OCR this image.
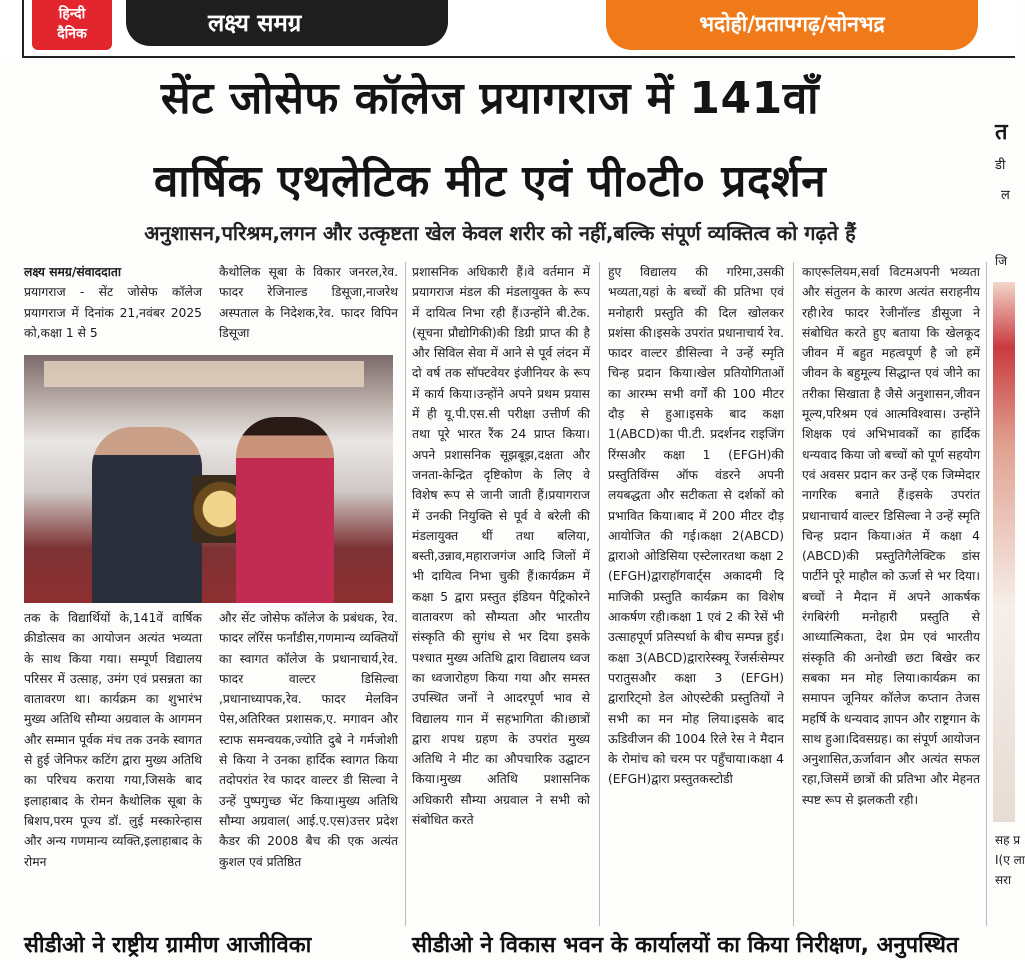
हिन्दी
दैनिक	लक्ष्य समग्र	भदोही/प्रतापगढ़/सोनभद्र
सेंट जोसेफ कॉलेज प्रयागराज में 141वाँ
वार्षिक एथलेटिक मीट एवं पी०टी० प्रदर्शन
अनुशासन,परिश्रम,लगन और उत्कृष्टता खेल केवल शरीर को नहीं,बल्कि संपूर्ण व्यक्तित्व को गढ़ते हैं

लक्ष्य समग्र/संवाददाता

प्रयागराज - सेंट जोसेफ कॉलेज प्रयागराज में दिनांक 21,नवंबर 2025 को,कक्षा 1 से 5

तक के विद्यार्थियों के,141वें वार्षिक क्रीडोत्सव का आयोजन अत्यंत भव्यता के साथ किया गया। सम्पूर्ण विद्यालय परिसर में उत्साह, उमंग एवं प्रसन्नता का वातावरण था। कार्यक्रम का शुभारंभ मुख्य अतिथि सौम्या अग्रवाल के आगमन और सम्मान पूर्वक मंच तक उनके स्वागत से हुई जेनिफर कटिंग द्वारा मुख्य अतिथि का परिचय कराया गया,जिसके बाद इलाहाबाद के रोमन कैथोलिक सूबा के बिशप,परम पूज्य डॉ. लुई मस्कारेन्हास और अन्य गणमान्य व्यक्ति,इलाहाबाद के रोमन

कैथोलिक सूबा के विकार जनरल,रेव. फादर रेजिनाल्ड डिसूजा,नाजरेथ अस्पताल के निदेशक,रेव. फादर विपिन डिसूजा

और सेंट जोसेफ कॉलेज के प्रबंधक, रेव. फादर लॉरेंस फर्नांडीस,गणमान्य व्यक्तियों का स्वागत कॉलेज के प्रधानाचार्य,रेव. फादर वाल्टर डिसिल्वा ,प्रधानाध्यापक,रेव. फादर मेलविन पेस,अतिरिक्त प्रशासक,ए. मगावन और स्टाफ समन्वयक,ज्योति दुबे ने गर्मजोशी से किया ने उनका हार्दिक स्वागत किया तदोपरांत रेव फादर वाल्टर डी सिल्वा ने उन्हें पुष्पगुच्छ भेंट किया।मुख्य अतिथि सौम्या अग्रवाल( आई.ए.एस)उत्तर प्रदेश कैडर की 2008 बैच की एक अत्यंत कुशल एवं प्रतिष्ठित
प्रशासनिक अधिकारी हैं।वे वर्तमान में प्रयागराज मंडल की मंडलायुक्त के रूप में दायित्व निभा रही हैं।उन्होंने बी.टेक.(सूचना प्रौद्योगिकी)की डिग्री प्राप्त की है और सिविल सेवा में आने से पूर्व लंदन में दो वर्ष तक सॉफ्टवेयर इंजीनियर के रूप में कार्य किया।उन्होंने अपने प्रथम प्रयास में ही यू.पी.एस.सी परीक्षा उत्तीर्ण की तथा पूरे भारत रैंक 24 प्राप्त किया।अपने प्रशासनिक सूझबूझ,दक्षता और जनता-केन्द्रित दृष्टिकोण के लिए वे विशेष रूप से जानी जाती हैं।प्रयागराज में उनकी नियुक्ति से पूर्व वे बरेली की मंडलायुक्त थीं तथा बलिया, बस्ती,उन्नाव,महाराजगंज आदि जिलों में भी दायित्व निभा चुकी हैं।कार्यक्रम में कक्षा 5 द्वारा प्रस्तुत इंडियन पैट्रिकोरने वातावरण को सौम्यता और भारतीय संस्कृति की सुगंध से भर दिया इसके पश्चात मुख्य अतिथि द्वारा विद्यालय ध्वज का ध्वजारोहण किया गया और समस्त उपस्थित जनों ने आदरपूर्ण भाव से विद्यालय गान में सहभागिता की।छात्रों द्वारा शपथ ग्रहण के उपरांत मुख्य अतिथि ने मीट का औपचारिक उद्घाटन किया।मुख्य अतिथि प्रशासनिक अधिकारी सौम्या अग्रवाल ने सभी को संबोधित करते
हुए विद्यालय की गरिमा,उसकी भव्यता,यहां के बच्चों की प्रतिभा एवं मनोहारी प्रस्तुति की दिल खोलकर प्रशंसा की।इसके उपरांत प्रधानाचार्य रेव. फादर वाल्टर डीसिल्वा ने उन्हें स्मृति चिन्ह प्रदान किया।खेल प्रतियोगिताओं का आरम्भ सभी वर्गों की 100 मीटर दौड़ से हुआ।इसके बाद कक्षा 1(ABCD)का पी.टी. प्रदर्शनद राइजिंग रिंग्सऔर कक्षा 1 (EFGH)की प्रस्तुतिविंग्स ऑफ वंडरने अपनी लयबद्धता और सटीकता से दर्शकों को प्रभावित किया।बाद में 200 मीटर दौड़ आयोजित की गई।कक्षा 2(ABCD) द्वाराओ ओडिसिया एस्टेलारतथा कक्षा 2 (EFGH)द्वाराहॉगवार्ट्स अकादमी दि माजिकी प्रस्तुति कार्यक्रम का विशेष आकर्षण रही।कक्षा 1 एवं 2 की रेसें भी उत्साहपूर्ण प्रतिस्पर्धा के बीच सम्पन्न हुई।कक्षा 3(ABCD)द्वारारेस्क्यू रेंजर्सःसेम्पर परातुसऔर कक्षा 3 (EFGH) द्वारारिट्मो डेल ओएस्टेकी प्रस्तुतियों ने सभी का मन मोह लिया।इसके बाद ऊडिवीजन की 1004 रिले रेस ने मैदान के रोमांच को चरम पर पहुँचाया।कक्षा 4 (EFGH)द्वारा प्रस्तुतकस्टोडी
काएरूलियम,सर्वा विटमअपनी भव्यता और संतुलन के कारण अत्यंत सराहनीय रही।रेव फादर रेजीनॉल्ड डीसूजा ने संबोधित करते हुए बताया कि खेलकूद जीवन में बहुत महत्वपूर्ण है जो हमें जीवन के बहुमूल्य सिद्धान्त एवं जीने का तरीका सिखाता है जैसे अनुशासन,जीवन मूल्य,परिश्रम एवं आत्मविश्वास। उन्होंने शिक्षक एवं अभिभावकों का हार्दिक धन्यवाद किया जो बच्चों को पूर्ण सहयोग एवं अवसर प्रदान कर उन्हें एक जिम्मेदार नागरिक बनाते हैं।इसके उपरांत प्रधानाचार्य वाल्टर डिसिल्वा ने उन्हें स्मृति चिन्ह प्रदान किया।अंत में कक्षा 4 (ABCD)की प्रस्तुतिगैलेक्टिक डांस पार्टीने पूरे माहौल को ऊर्जा से भर दिया।बच्चों ने मैदान में अपने आकर्षक रंगबिरंगी मनोहारी प्रस्तुति से आध्यात्मिकता, देश प्रेम एवं भारतीय संस्कृति की अनोखी छटा बिखेर कर सबका मन मोह लिया।कार्यक्रम का समापन जूनियर कॉलेज कप्तान तेजस महर्षि के धन्यवाद ज्ञापन और राष्ट्रगान के साथ हुआ।दिवसग्रह। का संपूर्ण आयोजन अनुशासित,ऊर्जावान और अत्यंत सफल रहा,जिसमें छात्रों की प्रतिभा और मेहनत स्पष्ट रूप से झलकती रही।
त
डी
ल
जि
सह प्र I(ए ला सरा
सीडीओ ने राष्ट्रीय ग्रामीण आजीविका	सीडीओ ने विकास भवन के कार्यालयों का किया निरीक्षण, अनुपस्थित
